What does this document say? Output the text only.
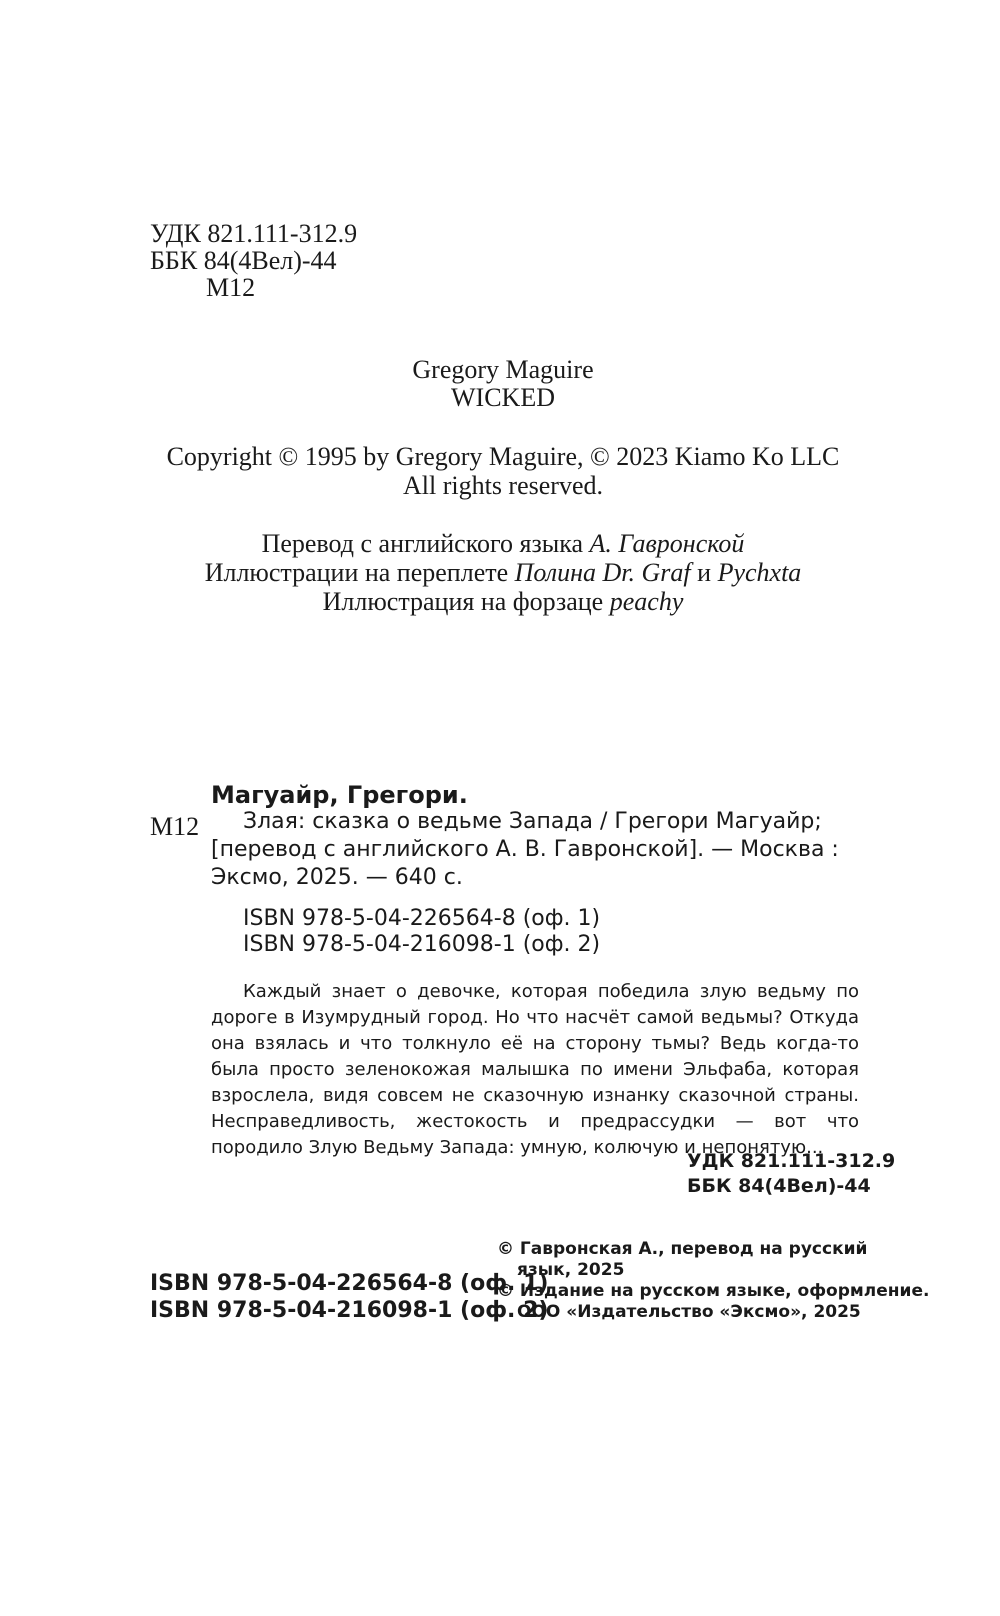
УДК 821.111-312.9
ББК 84(4Вел)-44
М12
Gregory Maguire
WICKED
Copyright © 1995 by Gregory Maguire, © 2023 Kiamo Ko LLC
All rights reserved.
Перевод с английского языка А. Гавронской
Иллюстрации на переплете Полина Dr. Graf и Pychxta
Иллюстрация на форзаце peachy
Магуайр, Грегори.
М12	Злая: сказка о ведьме Запада / Грегори Магуайр; [перевод с английского А. В. Гавронской]. — Москва : Эксмо, 2025. — 640 с.
ISBN 978-5-04-226564-8 (оф. 1)
ISBN 978-5-04-216098-1 (оф. 2)
Каждый знает о девочке, которая победила злую ведьму по дороге в Изумрудный город. Но что насчёт самой ведьмы? Откуда она взялась и что толкнуло её на сторону тьмы? Ведь когда-то была просто зеленокожая малышка по имени Эльфаба, которая взрослела, видя совсем не сказочную изнанку сказочной страны. Несправедливость, жестокость и предрассудки — вот что породило Злую Ведьму Запада: умную, колючую и непонятую...
УДК 821.111-312.9
ББК 84(4Вел)-44
ISBN 978-5-04-226564-8 (оф. 1)
ISBN 978-5-04-216098-1 (оф. 2)
© Гавронская А., перевод на русский
язык, 2025
© Издание на русском языке, оформление.
ООО «Издательство «Эксмо», 2025
